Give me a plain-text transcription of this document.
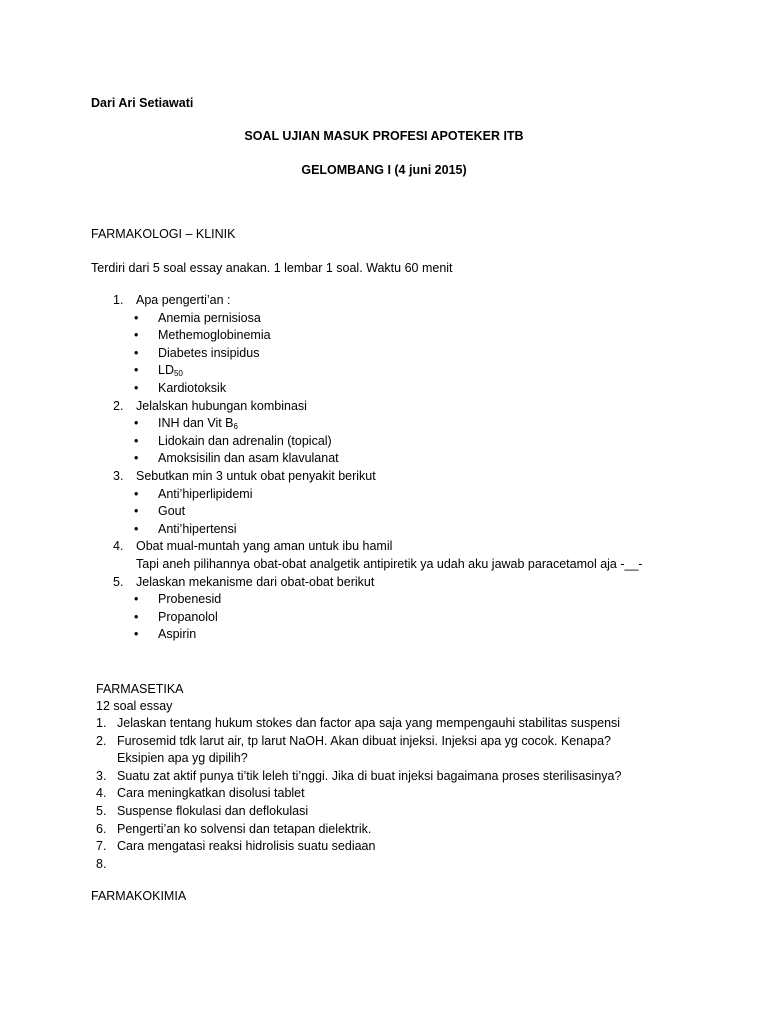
Dari Ari Setiawati
SOAL UJIAN MASUK PROFESI APOTEKER ITB
GELOMBANG I (4 juni 2015)
FARMAKOLOGI – KLINIK
Terdiri dari 5 soal essay anakan. 1 lembar 1 soal. Waktu 60 menit
1. Apa pengerti’an :
• Anemia pernisiosa
• Methemoglobinemia
• Diabetes insipidus
• $LD_{50}$
• Kardiotoksik
2. Jelalskan hubungan kombinasi
• INH dan Vit $B_6$
• Lidokain dan adrenalin (topical)
• Amoksisilin dan asam klavulanat
3. Sebutkan min 3 untuk obat penyakit berikut
• Anti’hiperlipidemi
• Gout
• Anti’hipertensi
4. Obat mual-muntah yang aman untuk ibu hamil
Tapi aneh pilihannya obat-obat analgetik antipiretik ya udah aku jawab paracetamol aja -__-
5. Jelaskan mekanisme dari obat-obat berikut
• Probenesid
• Propanolol
• Aspirin
FARMASETIKA
12 soal essay
1. Jelaskan tentang hukum stokes dan factor apa saja yang mempengauhi stabilitas suspensi
2. Furosemid tdk larut air, tp larut NaOH. Akan dibuat injeksi. Injeksi apa yg cocok. Kenapa?
Eksipien apa yg dipilih?
3. Suatu zat aktif punya ti’tik leleh ti’nggi. Jika di buat injeksi bagaimana proses sterilisasinya?
4. Cara meningkatkan disolusi tablet
5. Suspense flokulasi dan deflokulasi
6. Pengerti’an ko solvensi dan tetapan dielektrik.
7. Cara mengatasi reaksi hidrolisis suatu sediaan
8.

FARMAKOKIMIA
